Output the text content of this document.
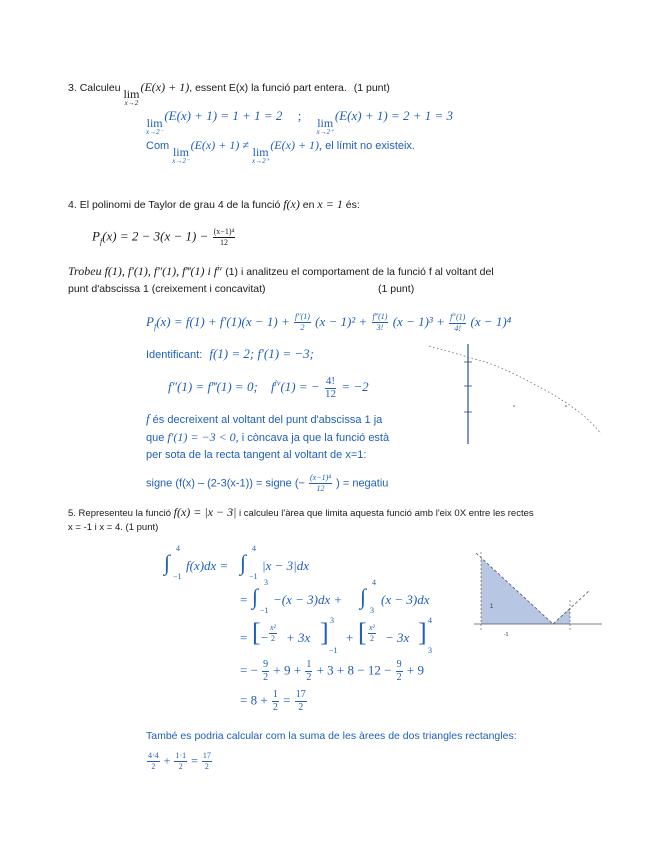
3. Calculeu lim
x→2
(E(x) + 1), essent E(x) la funció part entera. (1 punt)
lim
x→2⁻
(E(x) + 1) = 1 + 1 = 2 ; lim
x→2⁺
(E(x) + 1) = 2 + 1 = 3
Com lim
x→2⁻
(E(x) + 1) ≠ lim
x→2⁺
(E(x) + 1), el límit no existeix.
4. El polinomi de Taylor de grau 4 de la funció f(x) en x = 1 és:
$P_f(x) = 2 - 3(x - 1) - \frac{\text{(x−1)⁴}}{12}$
Trobeu f(1), f′(1), f″(1), f‴(1) i $f^{iv}$ (1) i analitzeu el comportament de la funció f al voltant del
punt d'abscissa 1 (creixement i concavitat)	(1 punt)
$P_f(x) = f(1) + f'(1)(x - 1) + \frac{f''(1)}{2} (x - 1)^2 + \frac{f‴(1)}{3!} (x - 1)^3 + \frac{f^{iv}(1)}{4!} (x - 1)^4$
Identificant: f(1) = 2; f′(1) = −3;
f″(1) = f‴(1) = 0; $f^{iv}(1)$ = − $\frac{4!}{12} = -2$
f és decreixent al voltant del punt d'abscissa 1 ja
que f′(1) = −3 < 0, i còncava ja que la funció està
per sota de la recta tangent al voltant de x=1:
signe (f(x) – (2-3(x-1)) = signe (− $\frac{\text{(x−1)⁴}}{12}$ ) = negatiu
5. Representeu la funció f(x) = |x − 3| i calculeu l'àrea que limita aquesta funció amb l'eix 0X entre les rectes
x = -1 i x = 4. (1 punt)
∫
4
−1
f(x)dx = ∫
4
−1
|x − 3|dx
= ∫
3
−1
−(x − 3)dx + ∫
4
3
(x − 3)dx
= [ − $\frac{\text{x²}}{2} + 3x$ ] 3
−1
+ [ $\frac{\text{x²}}{2} - 3x$ ] 4
3
= − $\frac{9}{2} + 9 + \frac{1}{2} + 3 + 8 - 12 - \frac{9}{2} + 9$
= $8 + \frac{1}{2} = \frac{17}{2}$
També es podria calcular com la suma de les àrees de dos triangles rectangles:
$\frac{4\cdot 4}{2} + \frac{1\cdot 1}{2} = \frac{17}{2}$
1
-1
